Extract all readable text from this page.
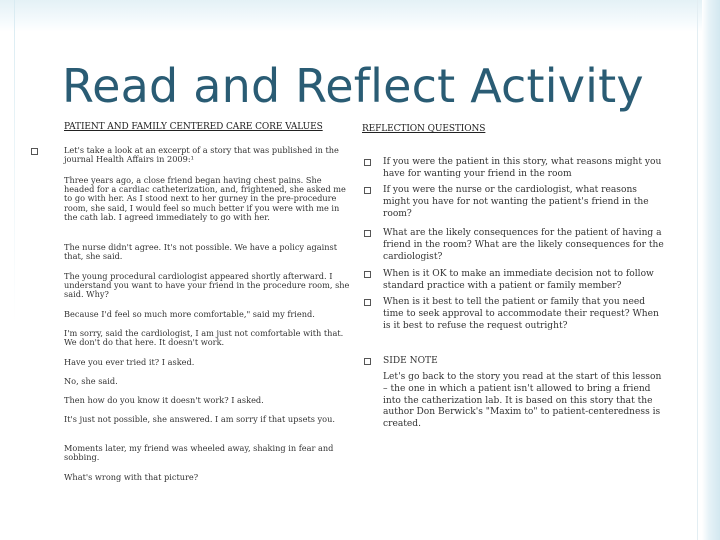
Read and Reflect Activity
PATIENT AND FAMILY CENTERED CARE CORE VALUES

Let's take a look at an excerpt of a story that was published in the journal Health Affairs in 2009:¹

Three years ago, a close friend began having chest pains. She headed for a cardiac catheterization, and, frightened, she asked me to go with her. As I stood next to her gurney in the pre-procedure room, she said, I would feel so much better if you were with me in the cath lab. I agreed immediately to go with her.

The nurse didn't agree. It's not possible. We have a policy against that, she said.

The young procedural cardiologist appeared shortly afterward. I understand you want to have your friend in the procedure room, she said. Why?

Because I'd feel so much more comfortable," said my friend.

I'm sorry, said the cardiologist, I am just not comfortable with that. We don't do that here. It doesn't work.

Have you ever tried it? I asked.

No, she said.

Then how do you know it doesn't work? I asked.

It's just not possible, she answered. I am sorry if that upsets you.

Moments later, my friend was wheeled away, shaking in fear and sobbing.

What's wrong with that picture?

REFLECTION QUESTIONS
If you were the patient in this story, what reasons might you have for wanting your friend in the room
If you were the nurse or the cardiologist, what reasons might you have for not wanting the patient's friend in the room?
What are the likely consequences for the patient of having a friend in the room? What are the likely consequences for the cardiologist?
When is it OK to make an immediate decision not to follow standard practice with a patient or family member?
When is it best to tell the patient or family that you need time to seek approval to accommodate their request? When is it best to refuse the request outright?
SIDE NOTE
Let's go back to the story you read at the start of this lesson – the one in which a patient isn't allowed to bring a friend into the catherization lab. It is based on this story that the author Don Berwick's "Maxim to" to patient-centeredness is created.
